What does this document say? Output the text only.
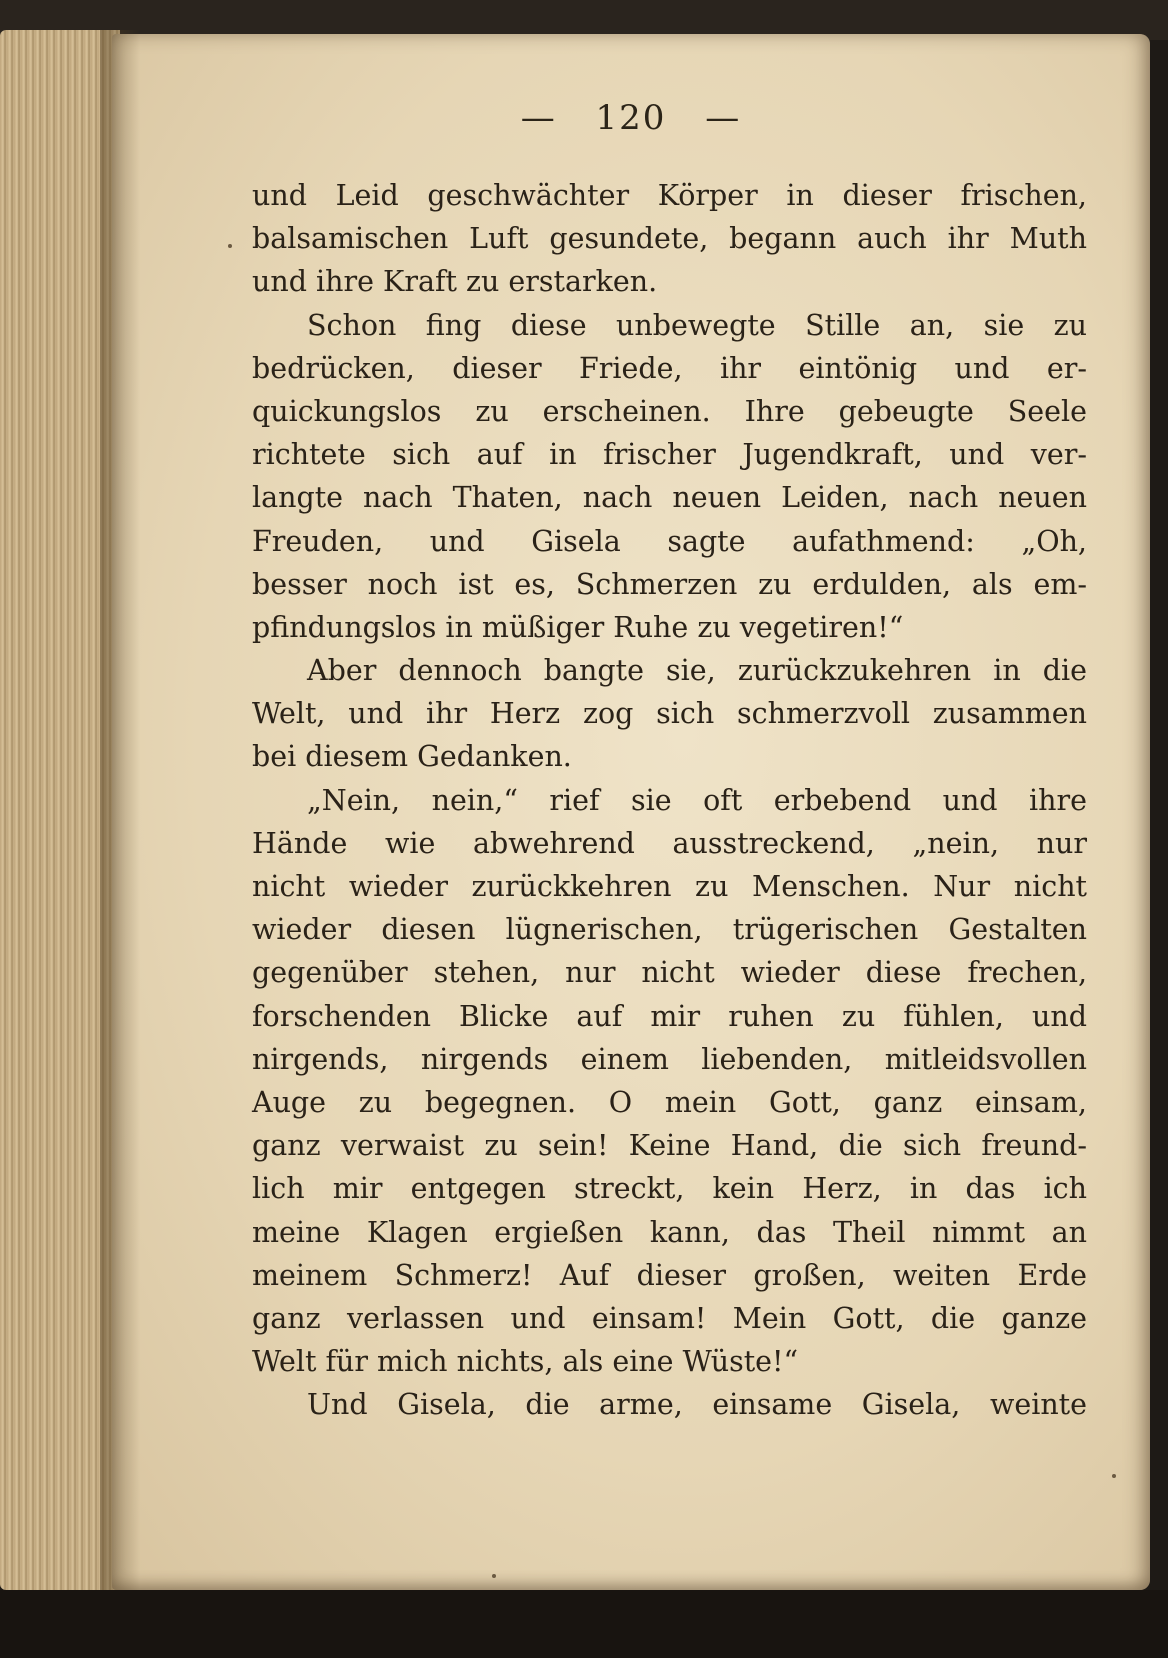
— 120 —
und Leid geschwächter Körper in dieser frischen,
balsamischen Luft gesundete, begann auch ihr Muth
und ihre Kraft zu erstarken.
Schon fing diese unbewegte Stille an, sie zu
bedrücken, dieser Friede, ihr eintönig und er-
quickungslos zu erscheinen. Ihre gebeugte Seele
richtete sich auf in frischer Jugendkraft, und ver-
langte nach Thaten, nach neuen Leiden, nach neuen
Freuden, und Gisela sagte aufathmend: „Oh,
besser noch ist es, Schmerzen zu erdulden, als em-
pfindungslos in müßiger Ruhe zu vegetiren!“
Aber dennoch bangte sie, zurückzukehren in die
Welt, und ihr Herz zog sich schmerzvoll zusammen
bei diesem Gedanken.
„Nein, nein,“ rief sie oft erbebend und ihre
Hände wie abwehrend ausstreckend, „nein, nur
nicht wieder zurückkehren zu Menschen. Nur nicht
wieder diesen lügnerischen, trügerischen Gestalten
gegenüber stehen, nur nicht wieder diese frechen,
forschenden Blicke auf mir ruhen zu fühlen, und
nirgends, nirgends einem liebenden, mitleidsvollen
Auge zu begegnen. O mein Gott, ganz einsam,
ganz verwaist zu sein! Keine Hand, die sich freund-
lich mir entgegen streckt, kein Herz, in das ich
meine Klagen ergießen kann, das Theil nimmt an
meinem Schmerz! Auf dieser großen, weiten Erde
ganz verlassen und einsam! Mein Gott, die ganze
Welt für mich nichts, als eine Wüste!“
Und Gisela, die arme, einsame Gisela, weinte
